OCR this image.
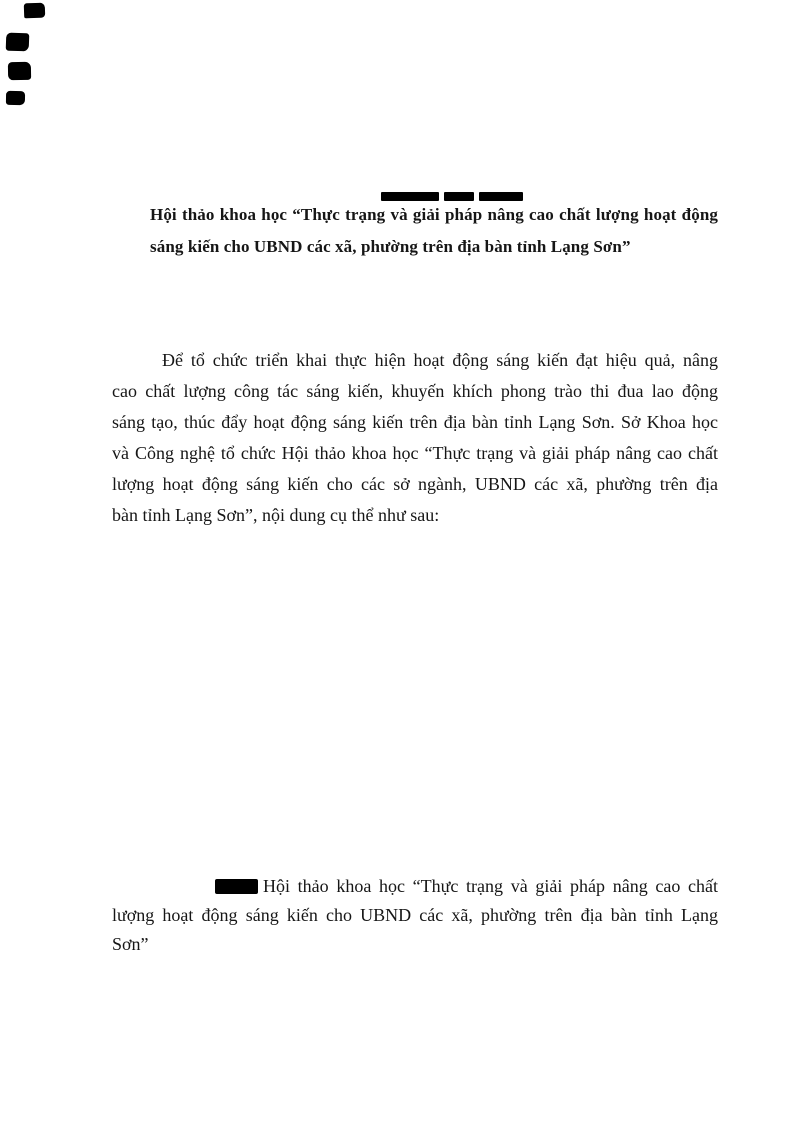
Hội thảo khoa học “Thực trạng và giải pháp nâng cao chất lượng hoạt động
sáng kiến cho UBND các xã, phường trên địa bàn tỉnh Lạng Sơn”
Để tổ chức triển khai thực hiện hoạt động sáng kiến đạt hiệu quả, nâng
cao chất lượng công tác sáng kiến, khuyến khích phong trào thi đua lao động
sáng tạo, thúc đẩy hoạt động sáng kiến trên địa bàn tỉnh Lạng Sơn. Sở Khoa học
và Công nghệ tổ chức Hội thảo khoa học “Thực trạng và giải pháp nâng cao chất
lượng hoạt động sáng kiến cho các sở ngành, UBND các xã, phường trên địa
bàn tỉnh Lạng Sơn”, nội dung cụ thể như sau:
Hội thảo khoa học “Thực trạng và giải pháp nâng cao chất
lượng hoạt động sáng kiến cho UBND các xã, phường trên địa bàn tỉnh Lạng
Sơn”
